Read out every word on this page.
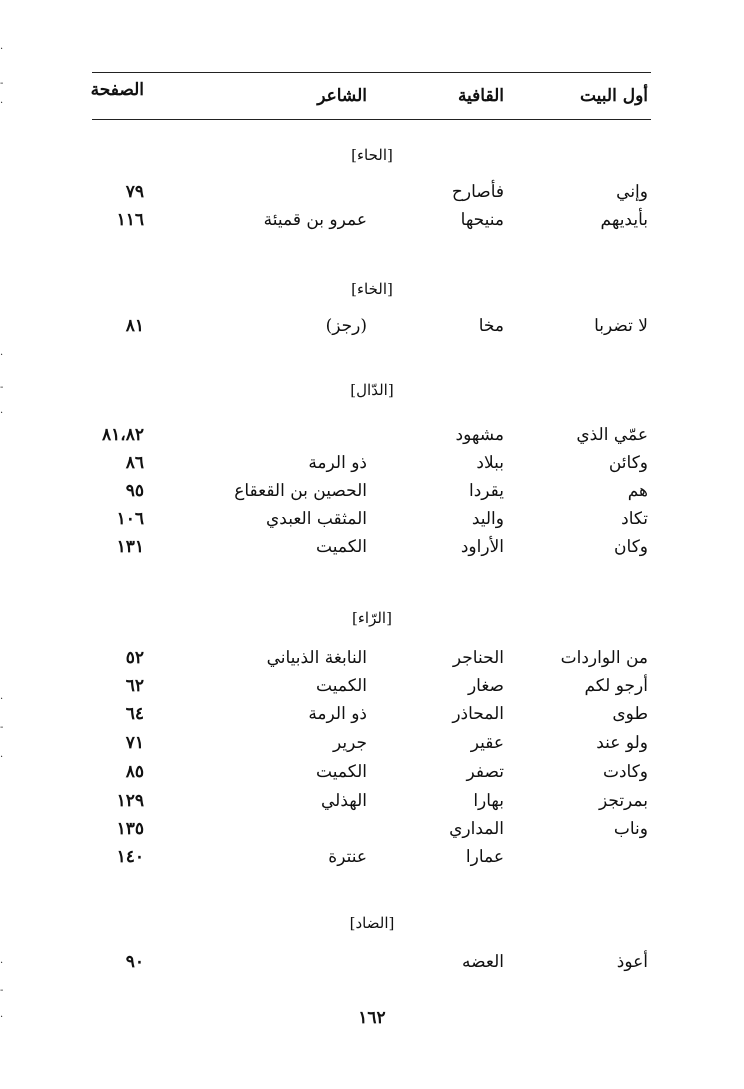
أول البيت
القافية
الشاعر
الصفحة
[الحاء]
وإني
فأصارح
٧٩
بأيديهم
منيحها
عمرو بن قميئة
١١٦
[الخاء]
لا تضربا
مخا
(رجز)
٨١
[الدّال]
عمّي الذي
مشهود
٨١،٨٢
وكائن
ببلاد
ذو الرمة
٨٦
هم
يقردا
الحصين بن القعقاع
٩٥
تكاد
واليد
المثقب العبدي
١٠٦
وكان
الأراود
الكميت
١٣١
[الرّاء]
من الواردات
الحناجر
النابغة الذبياني
٥٢
أرجو لكم
صغار
الكميت
٦٢
طوى
المحاذر
ذو الرمة
٦٤
ولو عند
عقير
جرير
٧١
وكادت
تصفر
الكميت
٨٥
بمرتجز
بهارا
الهذلي
١٢٩
وناب
المداري
١٣٥
عمارا
عنترة
١٤٠
[الضاد]
أعوذ
العضه
٩٠
١٦٢
·
-
·
·
-
·
·
-
·
·
-
·
